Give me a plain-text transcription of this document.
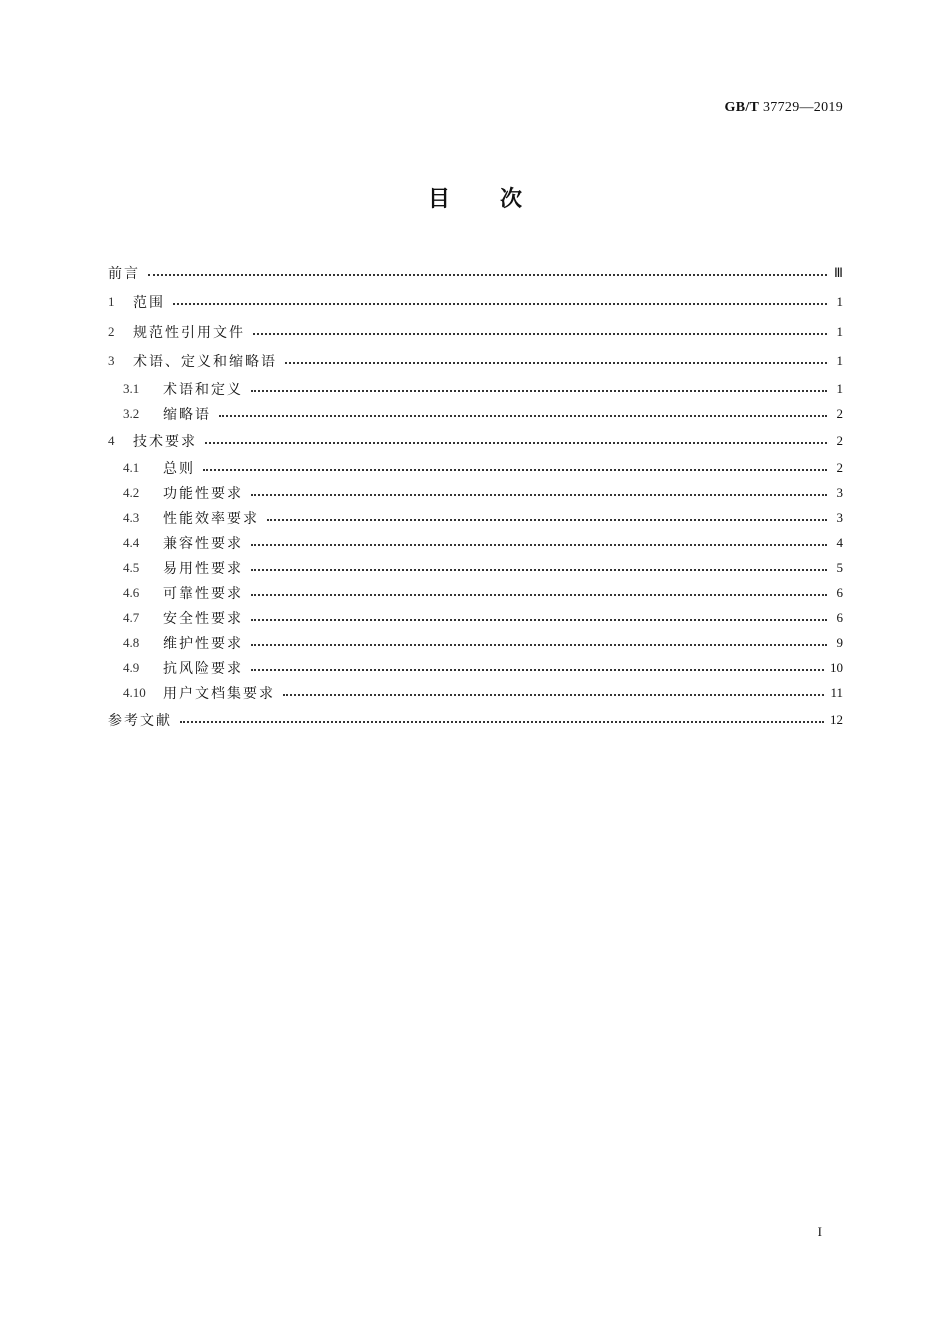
GB/T 37729—2019
目 次
前言	Ⅲ
1	范围	1
2	规范性引用文件	1
3	术语、定义和缩略语	1
3.1	术语和定义	1
3.2	缩略语	2
4	技术要求	2
4.1	总则	2
4.2	功能性要求	3
4.3	性能效率要求	3
4.4	兼容性要求	4
4.5	易用性要求	5
4.6	可靠性要求	6
4.7	安全性要求	6
4.8	维护性要求	9
4.9	抗风险要求	10
4.10	用户文档集要求	11
参考文献	12
I
